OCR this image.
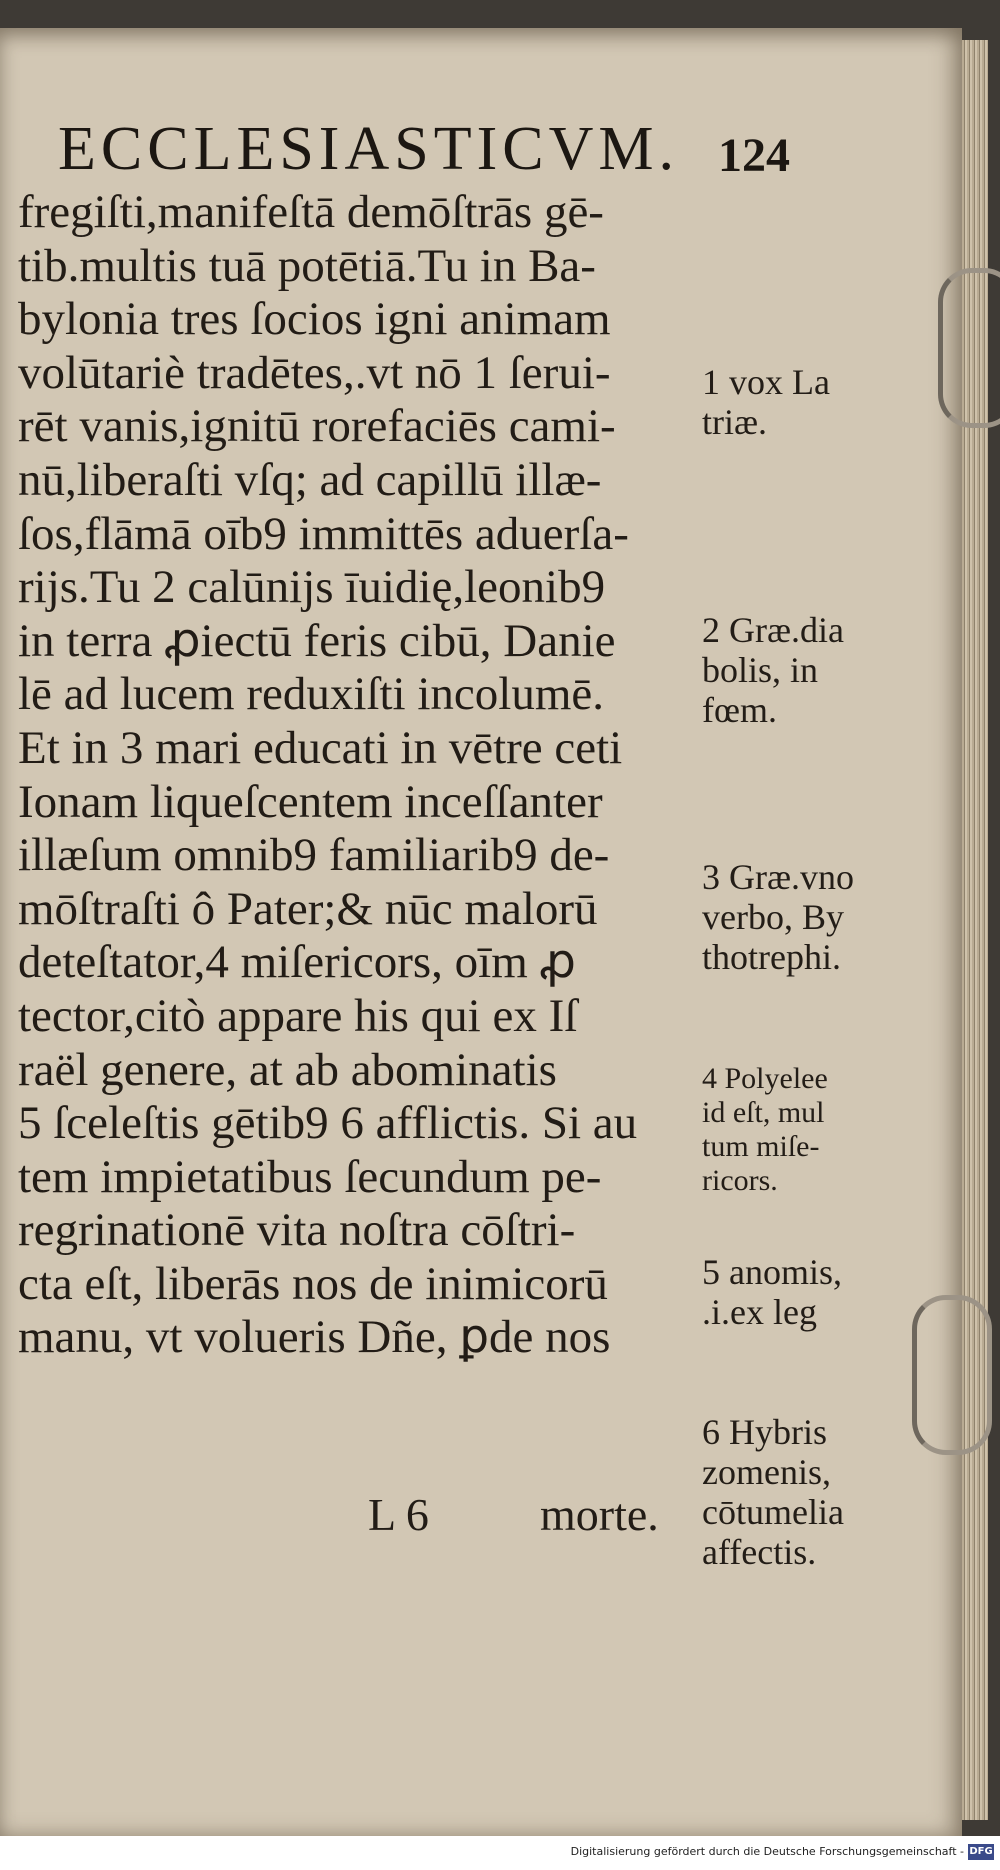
ECCLESIASTICVM. 124
fregiſti,manifeſtā demōſtrās gē-
tib.multis tuā potētiā.Tu in Ba-
bylonia tres ſocios igni animam
volūtariè tradētes,.vt nō 1 ſerui-
rēt vanis,ignitū rorefaciēs cami-
nū,liberaſti vſq; ad capillū illæ-
ſos,flāmā oīb9 immittēs aduerſa-
rijs.Tu 2 calūnijs īuidię,leonib9
in terra ꝓiectū feris cibū, Danie
lē ad lucem reduxiſti incolumē.
Et in 3 mari educati in vētre ceti
Ionam liqueſcentem inceſſanter
illæſum omnib9 familiarib9 de-
mōſtraſti ô Pater;& nūc malorū
deteſtator,4 miſericors, oīm ꝓ
tector,citò appare his qui ex Iſ
raël genere, at ab abominatis
5 ſceleſtis gētib9 6 afflictis. Si au
tem impietatibus ſecundum pe-
regrinationē vita noſtra cōſtri-
cta eſt, liberās nos de inimicorū
manu, vt volueris Dñe, ꝑde nos
1 vox La
triæ.
2 Græ.dia
bolis, in
fœm.
3 Græ.vno
verbo, By
thotrephi.
4 Polyelee
id eſt, mul
tum miſe-
ricors.
5 anomis,
.i.ex leg
6 Hybris
zomenis,
cōtumelia
affectis.
L 6 morte.
Digitalisierung gefördert durch die Deutsche Forschungsgemeinschaft - DFG
